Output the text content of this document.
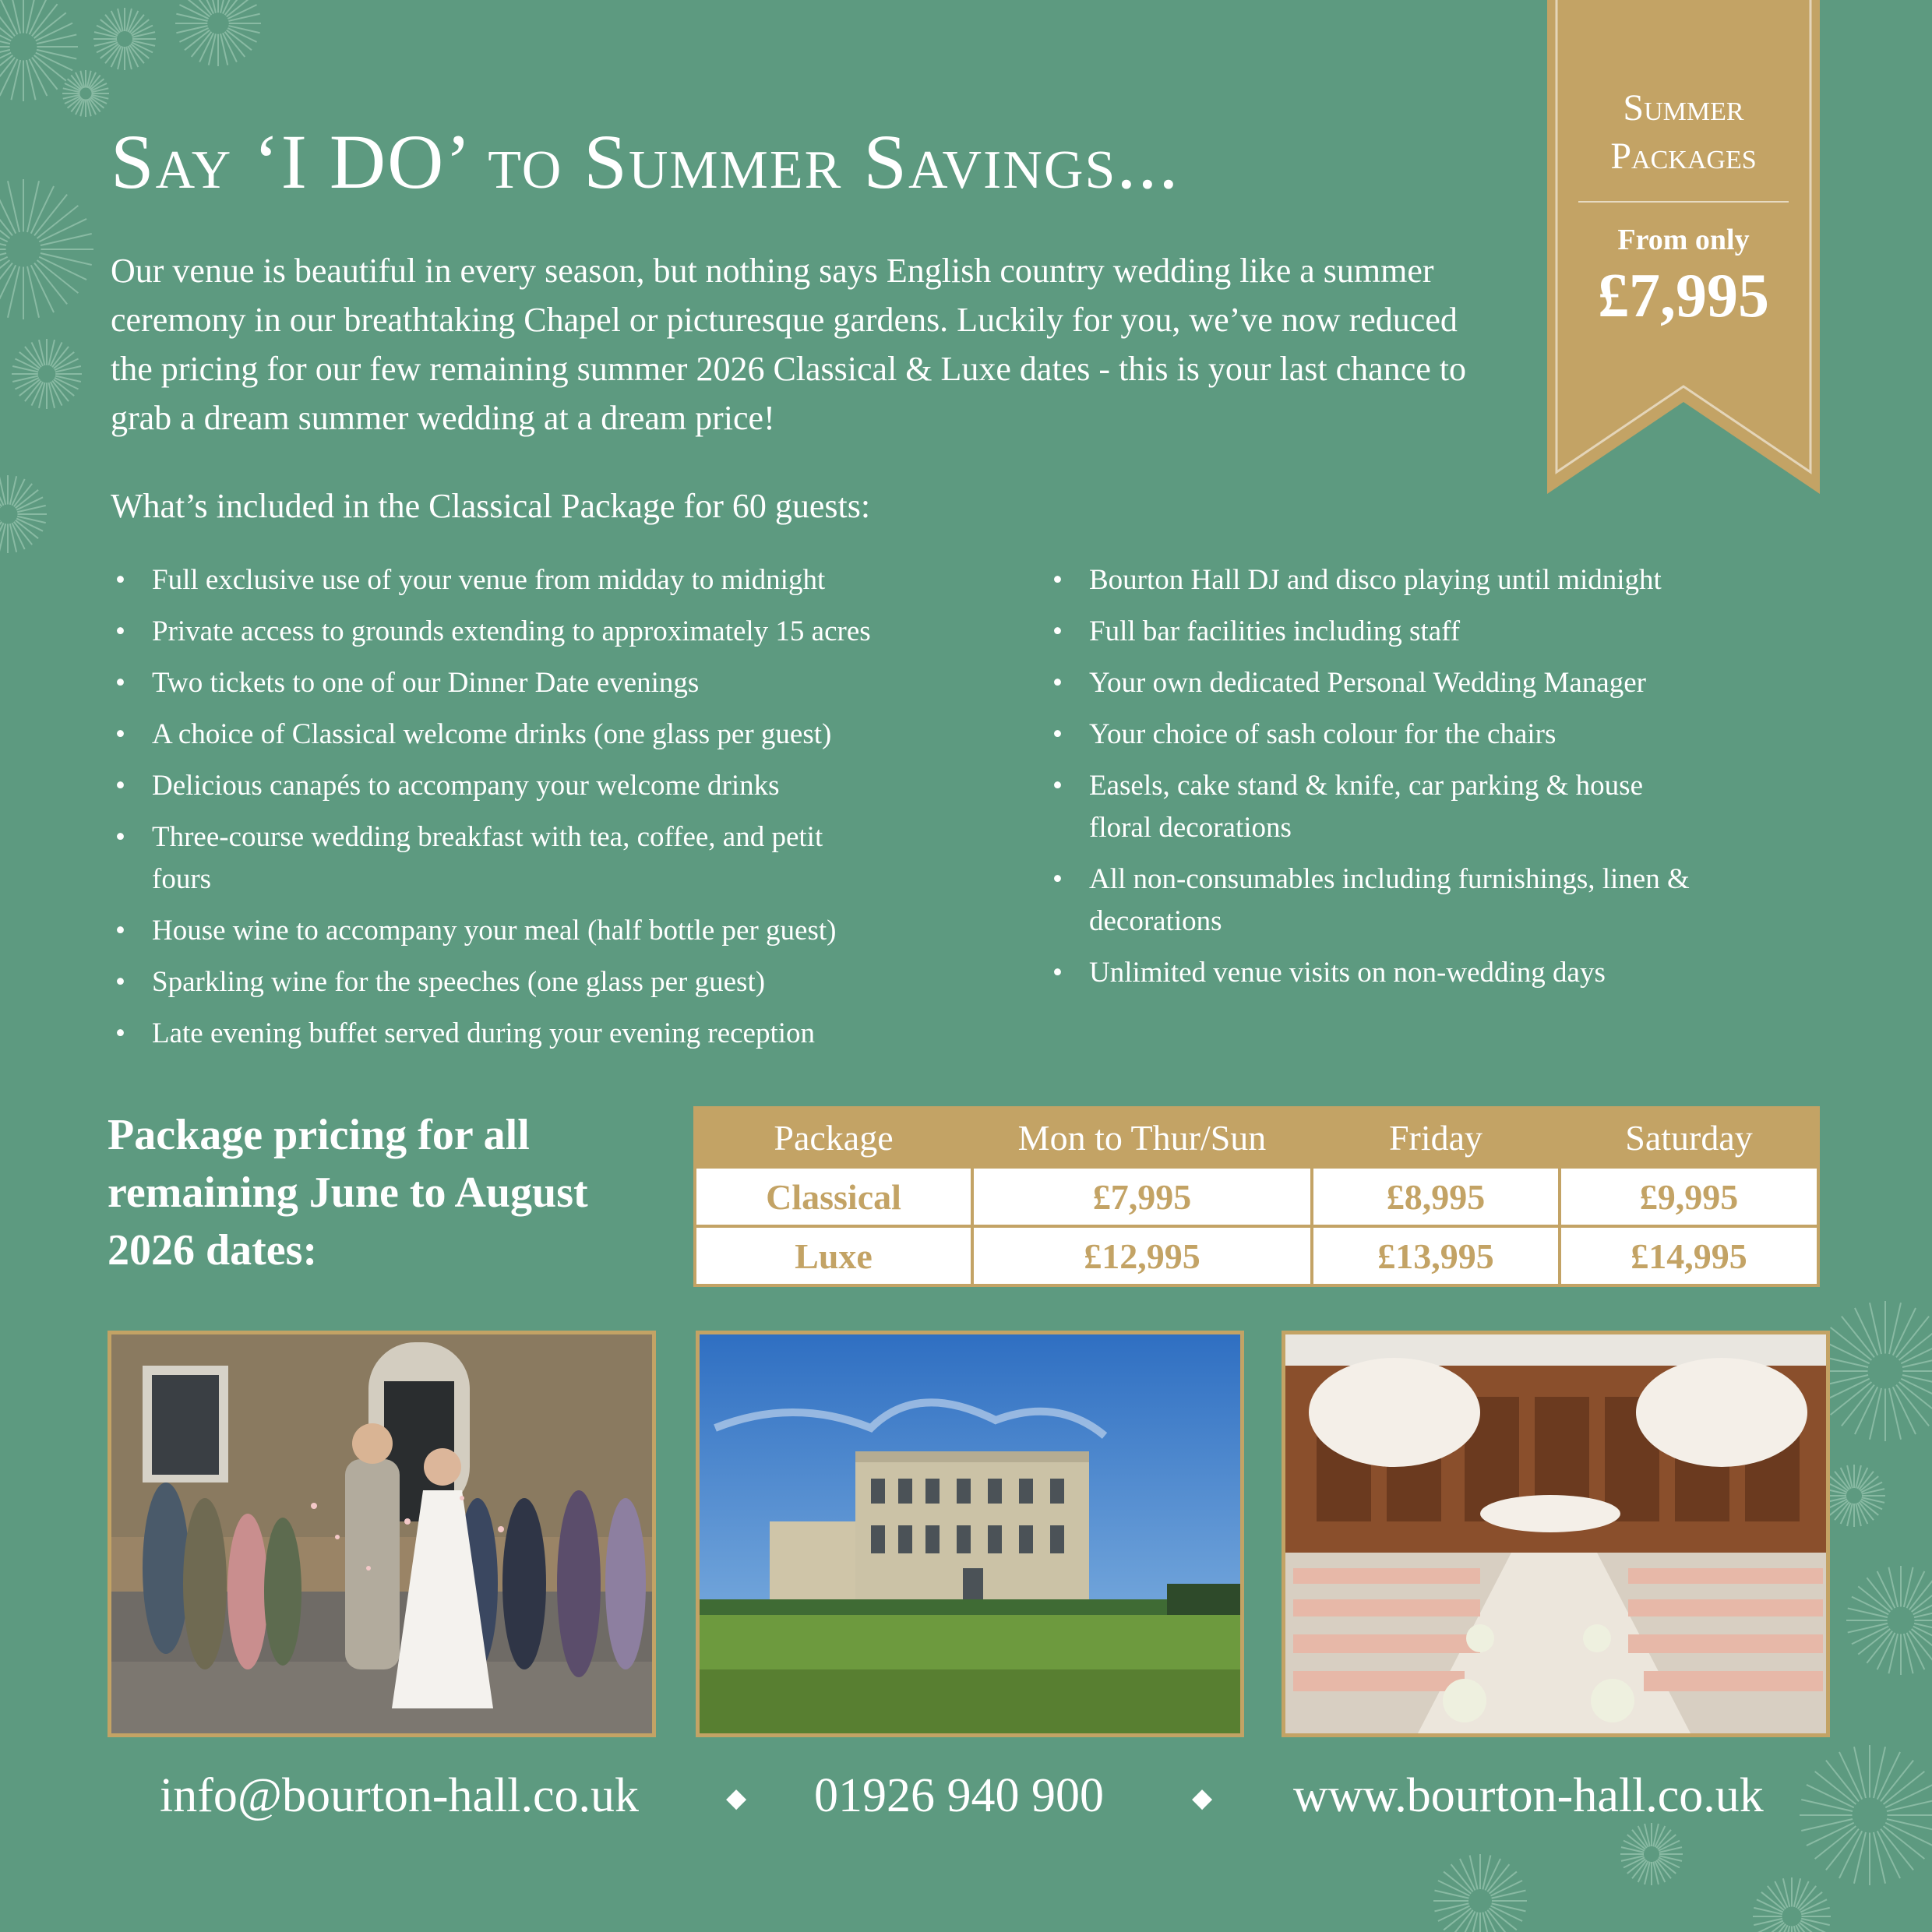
Say ‘I DO’ to Summer Savings...
Our venue is beautiful in every season, but nothing says English country wedding like a summer ceremony in our breathtaking Chapel or picturesque gardens. Luckily for you, we’ve now reduced the pricing for our few remaining summer 2026 Classical & Luxe dates - this is your last chance to grab a dream summer wedding at a dream price!
Summer
Packages
From only
£7,995
What’s included in the Classical Package for 60 guests:
• Full exclusive use of your venue from midday to midnight
• Private access to grounds extending to approximately 15 acres
• Two tickets to one of our Dinner Date evenings
• A choice of Classical welcome drinks (one glass per guest)
• Delicious canapés to accompany your welcome drinks
• Three-course wedding breakfast with tea, coffee, and petit fours
• House wine to accompany your meal (half bottle per guest)
• Sparkling wine for the speeches (one glass per guest)
• Late evening buffet served during your evening reception
• Bourton Hall DJ and disco playing until midnight
• Full bar facilities including staff
• Your own dedicated Personal Wedding Manager
• Your choice of sash colour for the chairs
• Easels, cake stand & knife, car parking & house floral decorations
• All non-consumables including furnishings, linen & decorations
• Unlimited venue visits on non-wedding days
Package pricing for all remaining June to August 2026 dates:
Package	Mon to Thur/Sun	Friday	Saturday
Classical	£7,995	£8,995	£9,995
Luxe	£12,995	£13,995	£14,995
info@bourton-hall.co.uk	◆ 01926 940 900	◆ www.bourton-hall.co.uk
